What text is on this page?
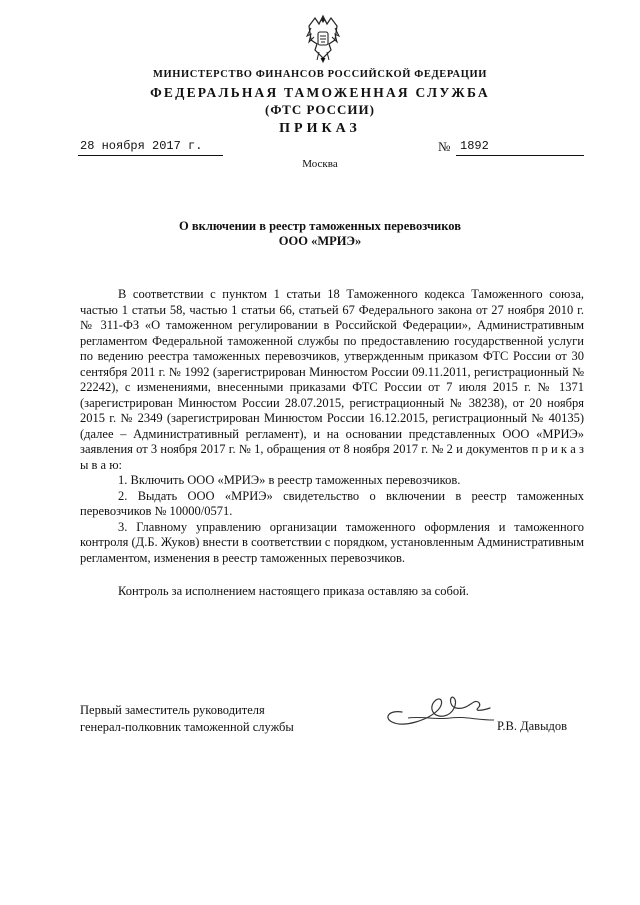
МИНИСТЕРСТВО ФИНАНСОВ РОССИЙСКОЙ ФЕДЕРАЦИИ
ФЕДЕРАЛЬНАЯ ТАМОЖЕННАЯ СЛУЖБА
(ФТС РОССИИ)
ПРИКАЗ
28 ноября 2017 г.	№ 1892
Москва
О включении в реестр таможенных перевозчиков
ООО «МРИЭ»

В соответствии с пунктом 1 статьи 18 Таможенного кодекса Таможенного союза, частью 1 статьи 58, частью 1 статьи 66, статьей 67 Федерального закона от 27 ноября 2010 г. № 311-ФЗ «О таможенном регулировании в Российской Федерации», Административным регламентом Федеральной таможенной службы по предоставлению государственной услуги по ведению реестра таможенных перевозчиков, утвержденным приказом ФТС России от 30 сентября 2011 г. № 1992 (зарегистрирован Минюстом России 09.11.2011, регистрационный № 22242), с изменениями, внесенными приказами ФТС России от 7 июля 2015 г. № 1371 (зарегистрирован Минюстом России 28.07.2015, регистрационный № 38238), от 20 ноября 2015 г. № 2349 (зарегистрирован Минюстом России 16.12.2015, регистрационный № 40135) (далее – Административный регламент), и на основании представленных ООО «МРИЭ» заявления от 3 ноября 2017 г. № 1, обращения от 8 ноября 2017 г. № 2 и документов п р и к а з ы в а ю:

1. Включить ООО «МРИЭ» в реестр таможенных перевозчиков.

2. Выдать ООО «МРИЭ» свидетельство о включении в реестр таможенных перевозчиков № 10000/0571.

3. Главному управлению организации таможенного оформления и таможенного контроля (Д.Б. Жуков) внести в соответствии с порядком, установленным Административным регламентом, изменения в реестр таможенных перевозчиков.

Контроль за исполнением настоящего приказа оставляю за собой.

Первый заместитель руководителя
генерал-полковник таможенной службы	Р.В. Давыдов
